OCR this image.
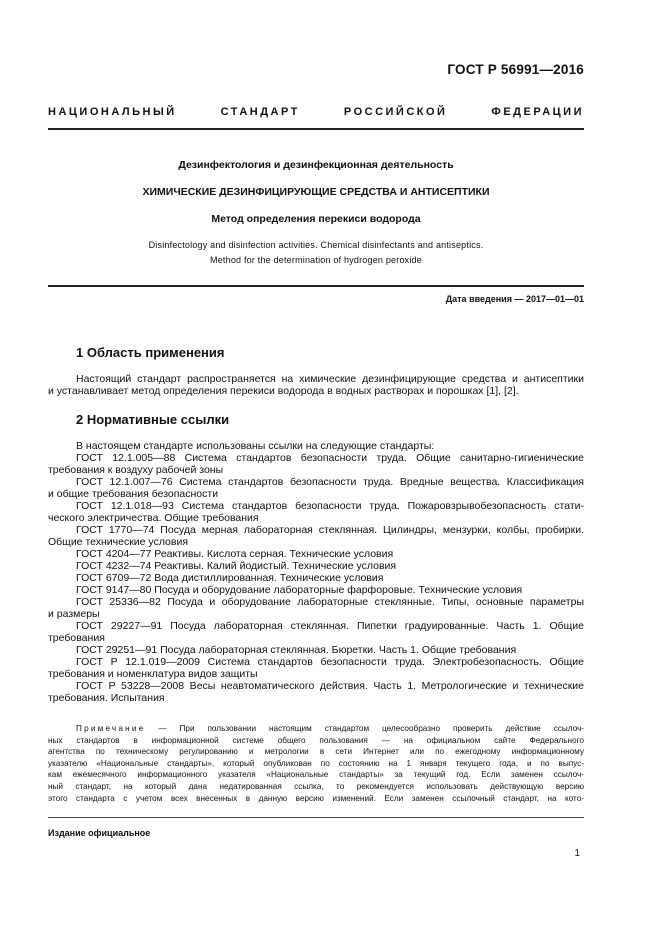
ГОСТ Р 56991—2016
НАЦИОНАЛЬНЫЙ СТАНДАРТ РОССИЙСКОЙ ФЕДЕРАЦИИ
Дезинфектология и дезинфекционная деятельность
ХИМИЧЕСКИЕ ДЕЗИНФИЦИРУЮЩИЕ СРЕДСТВА И АНТИСЕПТИКИ
Метод определения перекиси водорода
Disinfectology and disinfection activities. Chemical disinfectants and antiseptics.
Method for the determination of hydrogen peroxide
Дата введения — 2017—01—01
1 Область применения
Настоящий стандарт распространяется на химические дезинфицирующие средства и антисептики
и устанавливает метод определения перекиси водорода в водных растворах и порошках [1], [2].
2 Нормативные ссылки
В настоящем стандарте использованы ссылки на следующие стандарты:
ГОСТ 12.1.005—88 Система стандартов безопасности труда. Общие санитарно-гигиенические
требования к воздуху рабочей зоны
ГОСТ 12.1.007—76 Система стандартов безопасности труда. Вредные вещества. Классификация
и общие требования безопасности
ГОСТ 12.1.018—93 Система стандартов безопасности труда. Пожаровзрывобезопасность стати-
ческого электричества. Общие требования
ГОСТ 1770—74 Посуда мерная лабораторная стеклянная. Цилиндры, мензурки, колбы, пробирки.
Общие технические условия
ГОСТ 4204—77 Реактивы. Кислота серная. Технические условия
ГОСТ 4232—74 Реактивы. Калий йодистый. Технические условия
ГОСТ 6709—72 Вода дистиллированная. Технические условия
ГОСТ 9147—80 Посуда и оборудование лабораторные фарфоровые. Технические условия
ГОСТ 25336—82 Посуда и оборудование лабораторные стеклянные. Типы, основные параметры
и размеры
ГОСТ 29227—91 Посуда лабораторная стеклянная. Пипетки градуированные. Часть 1. Общие
требования
ГОСТ 29251—91 Посуда лабораторная стеклянная. Бюретки. Часть 1. Общие требования
ГОСТ Р 12.1.019—2009 Система стандартов безопасности труда. Электробезопасность. Общие
требования и номенклатура видов защиты
ГОСТ Р 53228—2008 Весы неавтоматического действия. Часть 1. Метрологические и технические
требования. Испытания
Примечание — При пользовании настоящим стандартом целесообразно проверить действие ссылоч-
ных стандартов в информационной системе общего пользования — на официальном сайте Федерального
агентства по техническому регулированию и метрологии в сети Интернет или по ежегодному информационному
указателю «Национальные стандарты», который опубликован по состоянию на 1 января текущего года, и по выпус-
кам ежемесячного информационного указателя «Национальные стандарты» за текущий год. Если заменен ссылоч-
ный стандарт, на который дана недатированная ссылка, то рекомендуется использовать действующую версию
этого стандарта с учетом всех внесенных в данную версию изменений. Если заменен ссылочный стандарт, на кото-
Издание официальное
1
